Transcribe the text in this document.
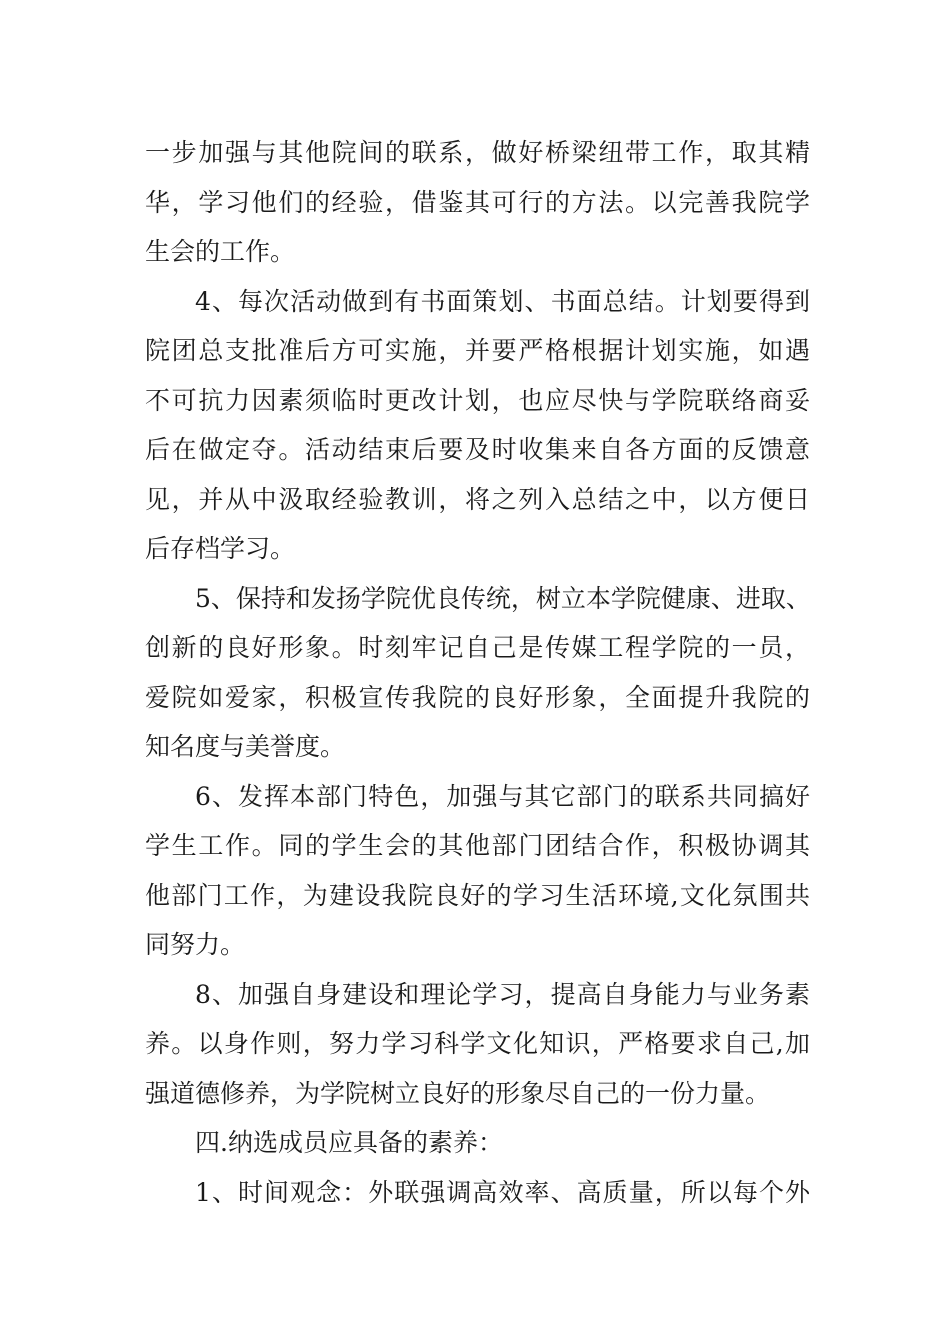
一步加强与其他院间的联系，做好桥梁纽带工作，取其精
华，学习他们的经验，借鉴其可行的方法。以完善我院学
生会的工作。
4、每次活动做到有书面策划、书面总结。计划要得到
院团总支批准后方可实施，并要严格根据计划实施，如遇
不可抗力因素须临时更改计划，也应尽快与学院联络商妥
后在做定夺。活动结束后要及时收集来自各方面的反馈意
见，并从中汲取经验教训，将之列入总结之中，以方便日
后存档学习。
5、保持和发扬学院优良传统，树立本学院健康、进取、
创新的良好形象。时刻牢记自己是传媒工程学院的一员，
爱院如爱家，积极宣传我院的良好形象，全面提升我院的
知名度与美誉度。
6、发挥本部门特色，加强与其它部门的联系共同搞好
学生工作。同的学生会的其他部门团结合作，积极协调其
他部门工作，为建设我院良好的学习生活环境,文化氛围共
同努力。
8、加强自身建设和理论学习，提高自身能力与业务素
养。以身作则，努力学习科学文化知识，严格要求自己,加
强道德修养，为学院树立良好的形象尽自己的一份力量。
四.纳选成员应具备的素养：
1、时间观念：外联强调高效率、高质量，所以每个外
